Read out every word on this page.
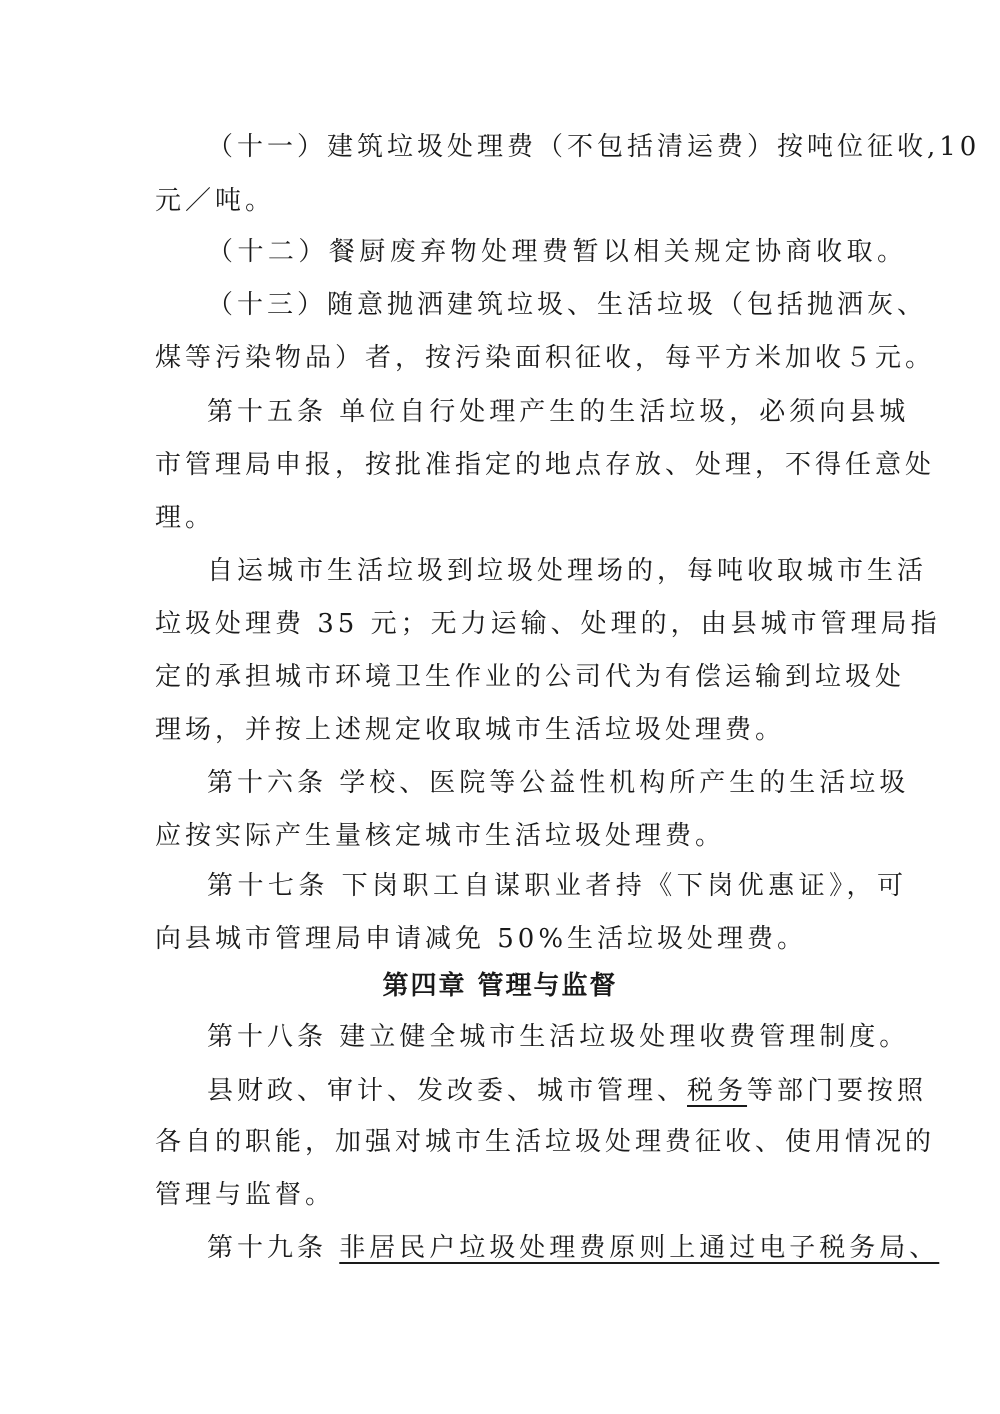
（十一）建筑垃圾处理费（不包括清运费）按吨位征收,10
元／吨。
（十二）餐厨废弃物处理费暂以相关规定协商收取。
（十三）随意抛洒建筑垃圾、生活垃圾（包括抛洒灰、
煤等污染物品）者，按污染面积征收，每平方米加收５元。
第十五条 单位自行处理产生的生活垃圾，必须向县城
市管理局申报，按批准指定的地点存放、处理，不得任意处
理。
自运城市生活垃圾到垃圾处理场的，每吨收取城市生活
垃圾处理费 35 元；无力运输、处理的，由县城市管理局指
定的承担城市环境卫生作业的公司代为有偿运输到垃圾处
理场，并按上述规定收取城市生活垃圾处理费。
第十六条 学校、医院等公益性机构所产生的生活垃圾
应按实际产生量核定城市生活垃圾处理费。
第十七条 下岗职工自谋职业者持《下岗优惠证》，可
向县城市管理局申请减免 50%生活垃圾处理费。
第四章 管理与监督
第十八条 建立健全城市生活垃圾处理收费管理制度。
县财政、审计、发改委、城市管理、税务等部门要按照
各自的职能，加强对城市生活垃圾处理费征收、使用情况的
管理与监督。
第十九条 非居民户垃圾处理费原则上通过电子税务局、
